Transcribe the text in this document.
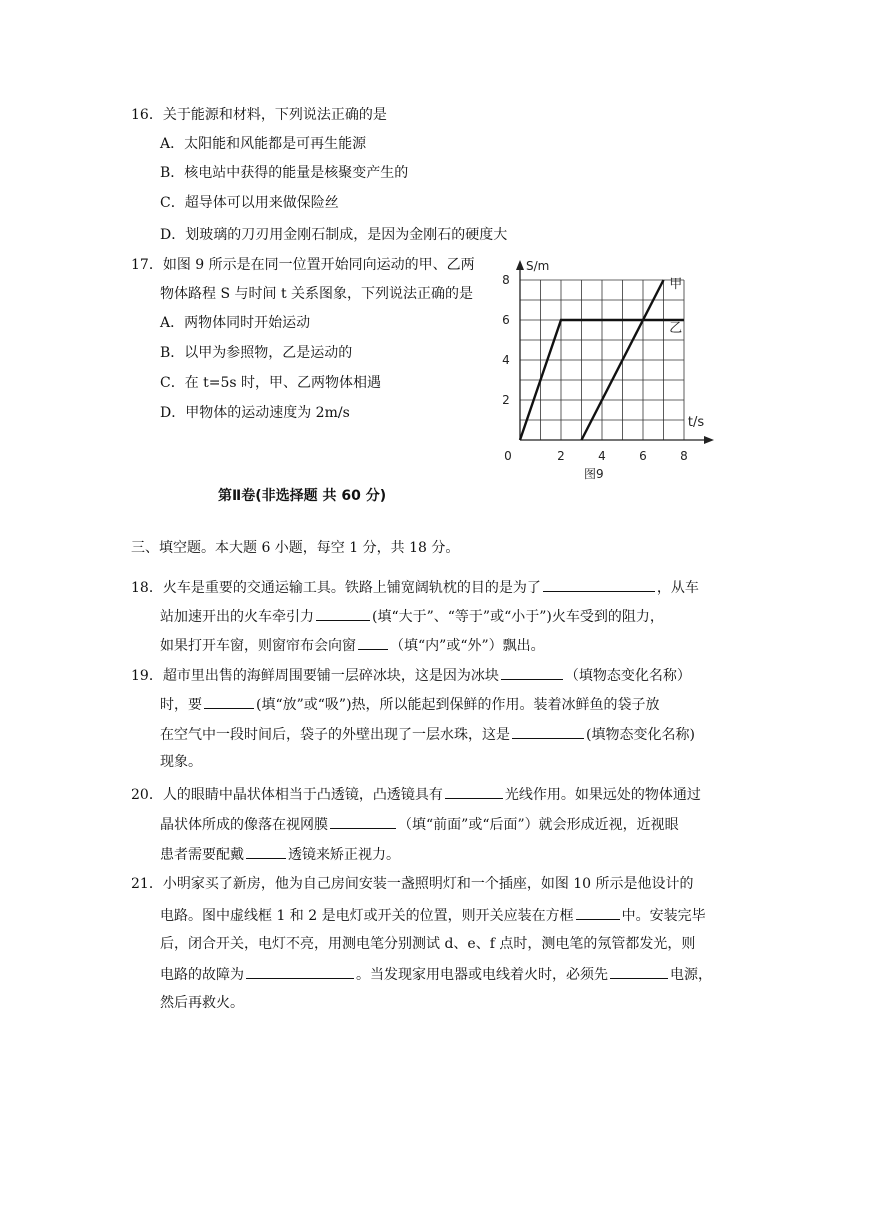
16．关于能源和材料，下列说法正确的是
A．太阳能和风能都是可再生能源
B．核电站中获得的能量是核聚变产生的
C．超导体可以用来做保险丝
D．划玻璃的刀刃用金刚石制成，是因为金刚石的硬度大
17．如图 9 所示是在同一位置开始同向运动的甲、乙两
物体路程 S 与时间 t 关系图象，下列说法正确的是
A．两物体同时开始运动
B．以甲为参照物，乙是运动的
C．在 t=5s 时，甲、乙两物体相遇
D．甲物体的运动速度为 2m/s
0	2	4	6	8
2
4
6
8
S/m
t/s
甲
乙
图9
第Ⅱ卷(非选择题 共 60 分)
三、填空题。本大题 6 小题，每空 1 分，共 18 分。
18．火车是重要的交通运输工具。铁路上铺宽阔轨枕的目的是为了	，从车
站加速开出的火车牵引力	(填“大于”、“等于”或“小于”)火车受到的阻力，
如果打开车窗，则窗帘布会向窗 （填“内”或“外”）飘出。
19．超市里出售的海鲜周围要铺一层碎冰块，这是因为冰块	（填物态变化名称）
时，要	(填“放”或“吸”)热，所以能起到保鲜的作用。装着冰鲜鱼的袋子放
在空气中一段时间后，袋子的外壁出现了一层水珠，这是	(填物态变化名称)
现象。
20．人的眼睛中晶状体相当于凸透镜，凸透镜具有	光线作用。如果远处的物体通过
晶状体所成的像落在视网膜	（填“前面”或“后面”）就会形成近视，近视眼
患者需要配戴	透镜来矫正视力。
21．小明家买了新房，他为自己房间安装一盏照明灯和一个插座，如图 10 所示是他设计的
电路。图中虚线框 1 和 2 是电灯或开关的位置，则开关应装在方框	中。安装完毕
后，闭合开关，电灯不亮，用测电笔分别测试 d、e、f 点时，测电笔的氖管都发光，则
电路的故障为	。当发现家用电器或电线着火时，必须先	电源，
然后再救火。
